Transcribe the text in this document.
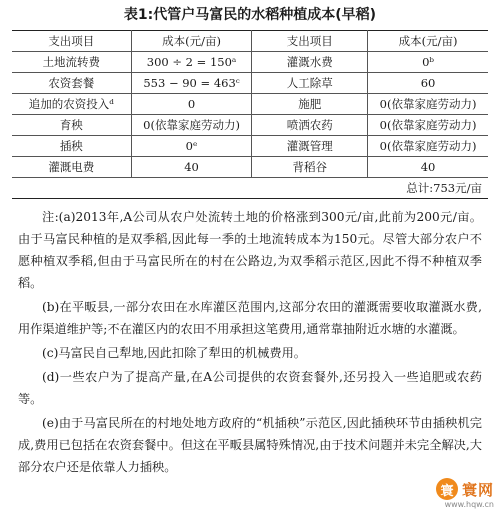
表1:代管户马富民的水稻种植成本(早稻)
支出项目	成本(元/亩)	支出项目	成本(元/亩)
土地流转费	300 ÷ 2 = 150ᵃ	灌溉水费	0ᵇ
农资套餐	553 − 90 = 463ᶜ	人工除草	60
追加的农资投入ᵈ	0	施肥	0(依靠家庭劳动力)
育秧	0(依靠家庭劳动力)	喷洒农药	0(依靠家庭劳动力)
插秧	0ᵉ	灌溉管理	0(依靠家庭劳动力)
灌溉电费	40	背稻谷	40
总计:753元/亩			

注:(a)2013年,A公司从农户处流转土地的价格涨到300元/亩,此前为200元/亩。由于马富民种植的是双季稻,因此每一季的土地流转成本为150元。尽管大部分农户不愿种植双季稻,但由于马富民所在的村在公路边,为双季稻示范区,因此不得不种植双季稻。

(b)在平畈县,一部分农田在水库灌区范围内,这部分农田的灌溉需要收取灌溉水费,用作渠道维护等;不在灌区内的农田不用承担这笔费用,通常靠抽附近水塘的水灌溉。

(c)马富民自己犁地,因此扣除了犁田的机械费用。

(d)一些农户为了提高产量,在A公司提供的农资套餐外,还另投入一些追肥或农药等。

(e)由于马富民所在的村地处地方政府的“机插秧”示范区,因此插秧环节由插秧机完成,费用已包括在农资套餐中。但这在平畈县属特殊情况,由于技术问题并未完全解决,大部分农户还是依靠人力插秧。

寰 寰网
www.hqw.cn
